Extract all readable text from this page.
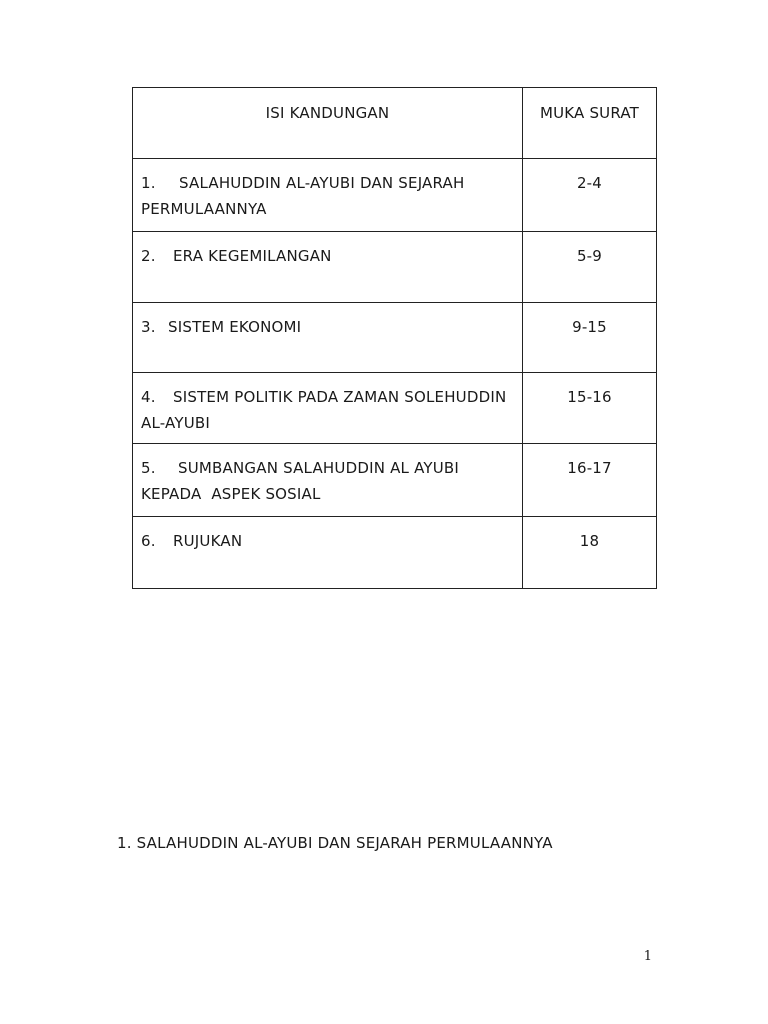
ISI KANDUNGAN	MUKA SURAT

1. SALAHUDDIN AL-AYUBI DAN SEJARAH PERMULAANNYA	2-4
2. ERA KEGEMILANGAN	5-9
3. SISTEM EKONOMI	9-15
4. SISTEM POLITIK PADA ZAMAN SOLEHUDDIN AL-AYUBI	15-16
5. SUMBANGAN SALAHUDDIN AL AYUBI KEPADA  ASPEK SOSIAL	16-17
6. RUJUKAN	18
1. SALAHUDDIN AL-AYUBI DAN SEJARAH PERMULAANNYA
1
